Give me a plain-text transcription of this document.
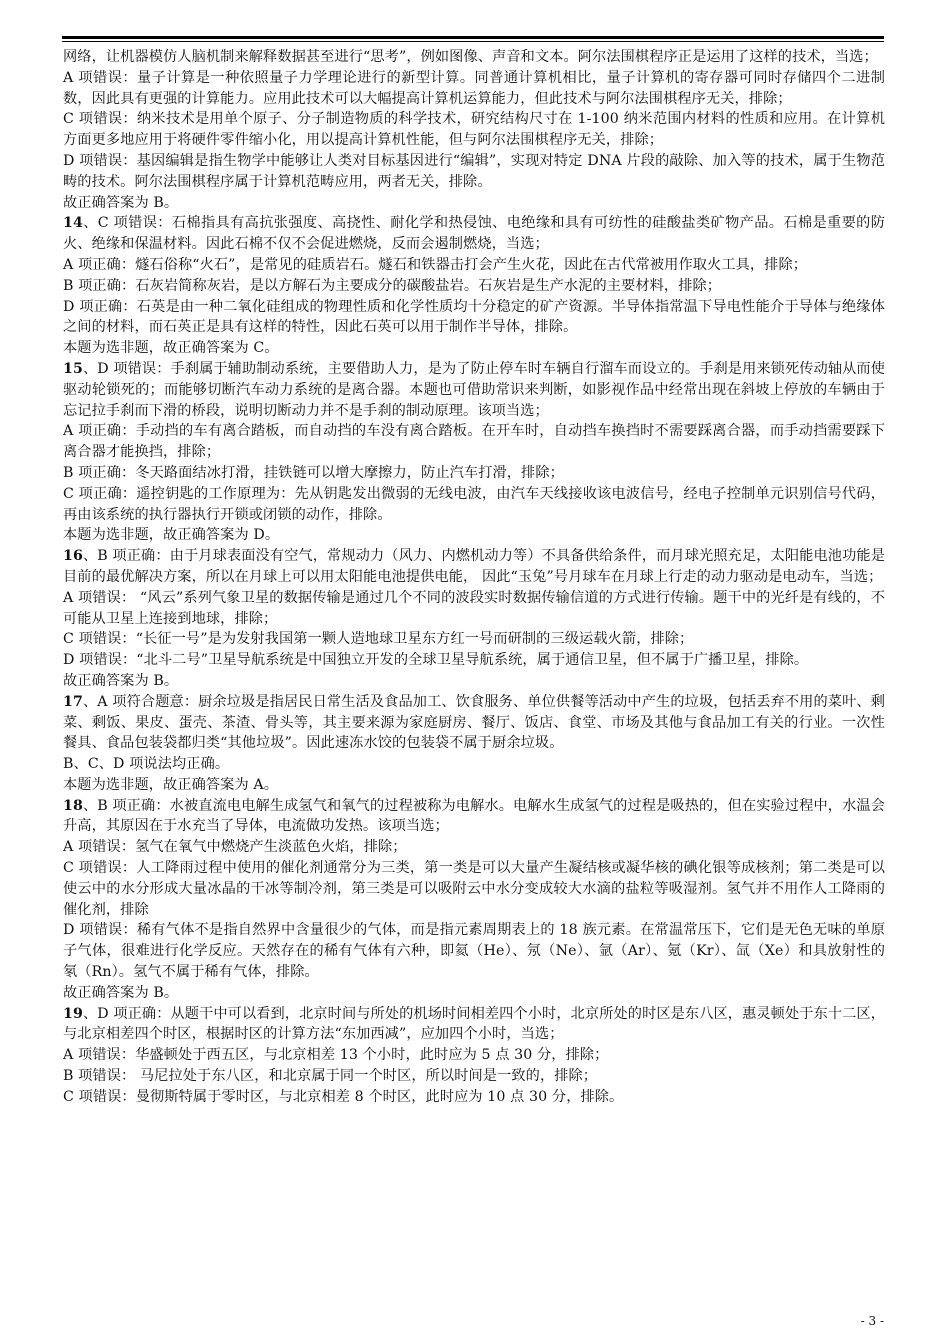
网络，让机器模仿人脑机制来解释数据甚至进行“思考”，例如图像、声音和文本。阿尔法围棋程序正是运用了这样的技术，当选；

A 项错误：量子计算是一种依照量子力学理论进行的新型计算。同普通计算机相比，量子计算机的寄存器可同时存储四个二进制数，因此具有更强的计算能力。应用此技术可以大幅提高计算机运算能力，但此技术与阿尔法围棋程序无关，排除；

C 项错误：纳米技术是用单个原子、分子制造物质的科学技术，研究结构尺寸在 1-100 纳米范围内材料的性质和应用。在计算机方面更多地应用于将硬件零件缩小化，用以提高计算机性能，但与阿尔法围棋程序无关，排除；

D 项错误：基因编辑是指生物学中能够让人类对目标基因进行“编辑”，实现对特定 DNA 片段的敲除、加入等的技术，属于生物范畴的技术。阿尔法围棋程序属于计算机范畴应用，两者无关，排除。

故正确答案为 B。

14、C 项错误：石棉指具有高抗张强度、高挠性、耐化学和热侵蚀、电绝缘和具有可纺性的硅酸盐类矿物产品。石棉是重要的防火、绝缘和保温材料。因此石棉不仅不会促进燃烧，反而会遏制燃烧，当选；

A 项正确：燧石俗称“火石”，是常见的硅质岩石。燧石和铁器击打会产生火花，因此在古代常被用作取火工具，排除；

B 项正确：石灰岩简称灰岩，是以方解石为主要成分的碳酸盐岩。石灰岩是生产水泥的主要材料，排除；

D 项正确：石英是由一种二氧化硅组成的物理性质和化学性质均十分稳定的矿产资源。半导体指常温下导电性能介于导体与绝缘体之间的材料，而石英正是具有这样的特性，因此石英可以用于制作半导体，排除。

本题为选非题，故正确答案为 C。

15、D 项错误：手刹属于辅助制动系统，主要借助人力，是为了防止停车时车辆自行溜车而设立的。手刹是用来锁死传动轴从而使驱动轮锁死的；而能够切断汽车动力系统的是离合器。本题也可借助常识来判断，如影视作品中经常出现在斜坡上停放的车辆由于忘记拉手刹而下滑的桥段，说明切断动力并不是手刹的制动原理。该项当选；

A 项正确：手动挡的车有离合踏板，而自动挡的车没有离合踏板。在开车时，自动挡车换挡时不需要踩离合器，而手动挡需要踩下离合器才能换挡，排除；

B 项正确：冬天路面结冰打滑，挂铁链可以增大摩擦力，防止汽车打滑，排除；

C 项正确：遥控钥匙的工作原理为：先从钥匙发出微弱的无线电波，由汽车天线接收该电波信号，经电子控制单元识别信号代码，再由该系统的执行器执行开锁或闭锁的动作，排除。

本题为选非题，故正确答案为 D。

16、B 项正确：由于月球表面没有空气，常规动力（风力、内燃机动力等）不具备供给条件，而月球光照充足，太阳能电池功能是目前的最优解决方案，所以在月球上可以用太阳能电池提供电能， 因此“玉兔”号月球车在月球上行走的动力驱动是电动车，当选；

A 项错误： “风云”系列气象卫星的数据传输是通过几个不同的波段实时数据传输信道的方式进行传输。题干中的光纤是有线的，不可能从卫星上连接到地球，排除；

C 项错误：“长征一号”是为发射我国第一颗人造地球卫星东方红一号而研制的三级运载火箭，排除；

D 项错误：“北斗二号”卫星导航系统是中国独立开发的全球卫星导航系统，属于通信卫星，但不属于广播卫星，排除。

故正确答案为 B。

17、A 项符合题意：厨余垃圾是指居民日常生活及食品加工、饮食服务、单位供餐等活动中产生的垃圾，包括丢弃不用的菜叶、剩菜、剩饭、果皮、蛋壳、茶渣、骨头等，其主要来源为家庭厨房、餐厅、饭店、食堂、市场及其他与食品加工有关的行业。一次性餐具、食品包装袋都归类“其他垃圾”。因此速冻水饺的包装袋不属于厨余垃圾。

B、C、D 项说法均正确。

本题为选非题，故正确答案为 A。

18、B 项正确：水被直流电电解生成氢气和氧气的过程被称为电解水。电解水生成氢气的过程是吸热的，但在实验过程中，水温会升高，其原因在于水充当了导体，电流做功发热。该项当选；

A 项错误：氢气在氧气中燃烧产生淡蓝色火焰，排除；

C 项错误：人工降雨过程中使用的催化剂通常分为三类，第一类是可以大量产生凝结核或凝华核的碘化银等成核剂；第二类是可以使云中的水分形成大量冰晶的干冰等制冷剂，第三类是可以吸附云中水分变成较大水滴的盐粒等吸湿剂。氢气并不用作人工降雨的催化剂，排除

D 项错误：稀有气体不是指自然界中含量很少的气体，而是指元素周期表上的 18 族元素。在常温常压下，它们是无色无味的单原子气体，很难进行化学反应。天然存在的稀有气体有六种，即氦（He）、氖（Ne）、氩（Ar）、氪（Kr）、氙（Xe）和具放射性的氡（Rn）。氢气不属于稀有气体，排除。

故正确答案为 B。

19、D 项正确：从题干中可以看到，北京时间与所处的机场时间相差四个小时，北京所处的时区是东八区，惠灵顿处于东十二区，与北京相差四个时区，根据时区的计算方法“东加西减”，应加四个小时，当选；

A 项错误：华盛顿处于西五区，与北京相差 13 个小时，此时应为 5 点 30 分，排除；

B 项错误： 马尼拉处于东八区，和北京属于同一个时区，所以时间是一致的，排除；

C 项错误：曼彻斯特属于零时区，与北京相差 8 个时区，此时应为 10 点 30 分，排除。

- 3 -
